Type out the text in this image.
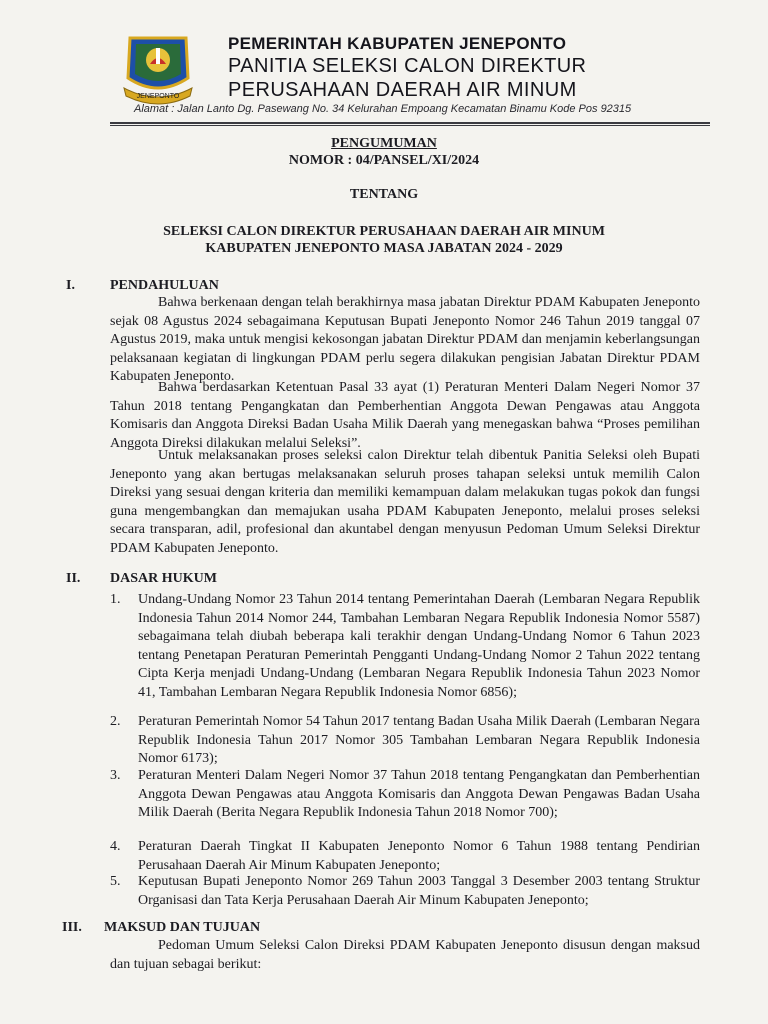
JENEPONTO
PEMERINTAH KABUPATEN JENEPONTO
PANITIA SELEKSI CALON DIREKTUR
PERUSAHAAN DAERAH AIR MINUM
Alamat : Jalan Lanto Dg. Pasewang No. 34 Kelurahan Empoang Kecamatan Binamu Kode Pos 92315
PENGUMUMAN
NOMOR : 04/PANSEL/XI/2024
TENTANG
SELEKSI CALON DIREKTUR PERUSAHAAN DAERAH AIR MINUM
KABUPATEN JENEPONTO MASA JABATAN 2024 - 2029
I.	PENDAHULUAN

Bahwa berkenaan dengan telah berakhirnya masa jabatan Direktur PDAM Kabupaten Jeneponto sejak 08 Agustus 2024 sebagaimana Keputusan Bupati Jeneponto Nomor 246 Tahun 2019 tanggal 07 Agustus 2019, maka untuk mengisi kekosongan jabatan Direktur PDAM dan menjamin keberlangsungan pelaksanaan kegiatan di lingkungan PDAM perlu segera dilakukan pengisian Jabatan Direktur PDAM Kabupaten Jeneponto.

Bahwa berdasarkan Ketentuan Pasal 33 ayat (1) Peraturan Menteri Dalam Negeri Nomor 37 Tahun 2018 tentang Pengangkatan dan Pemberhentian Anggota Dewan Pengawas atau Anggota Komisaris dan Anggota Direksi Badan Usaha Milik Daerah yang menegaskan bahwa “Proses pemilihan Anggota Direksi dilakukan melalui Seleksi”.

Untuk melaksanakan proses seleksi calon Direktur telah dibentuk Panitia Seleksi oleh Bupati Jeneponto yang akan bertugas melaksanakan seluruh proses tahapan seleksi untuk memilih Calon Direksi yang sesuai dengan kriteria dan memiliki kemampuan dalam melakukan tugas pokok dan fungsi guna mengembangkan dan memajukan usaha PDAM Kabupaten Jeneponto, melalui proses seleksi secara transparan, adil, profesional dan akuntabel dengan menyusun Pedoman Umum Seleksi Direktur PDAM Kabupaten Jeneponto.

II. DASAR HUKUM
1.	Undang-Undang Nomor 23 Tahun 2014 tentang Pemerintahan Daerah (Lembaran Negara Republik Indonesia Tahun 2014 Nomor 244, Tambahan Lembaran Negara Republik Indonesia Nomor 5587) sebagaimana telah diubah beberapa kali terakhir dengan Undang-Undang Nomor 6 Tahun 2023 tentang Penetapan Peraturan Pemerintah Pengganti Undang-Undang Nomor 2 Tahun 2022 tentang Cipta Kerja menjadi Undang-Undang (Lembaran Negara Republik Indonesia Tahun 2023 Nomor 41, Tambahan Lembaran Negara Republik Indonesia Nomor 6856);
2.	Peraturan Pemerintah Nomor 54 Tahun 2017 tentang Badan Usaha Milik Daerah (Lembaran Negara Republik Indonesia Tahun 2017 Nomor 305 Tambahan Lembaran Negara Republik Indonesia Nomor 6173);
3.	Peraturan Menteri Dalam Negeri Nomor 37 Tahun 2018 tentang Pengangkatan dan Pemberhentian Anggota Dewan Pengawas atau Anggota Komisaris dan Anggota Dewan Pengawas Badan Usaha Milik Daerah (Berita Negara Republik Indonesia Tahun 2018 Nomor 700);
4.	Peraturan Daerah Tingkat II Kabupaten Jeneponto Nomor 6 Tahun 1988 tentang Pendirian Perusahaan Daerah Air Minum Kabupaten Jeneponto;
5.	Keputusan Bupati Jeneponto Nomor 269 Tahun 2003 Tanggal 3 Desember 2003 tentang Struktur Organisasi dan Tata Kerja Perusahaan Daerah Air Minum Kabupaten Jeneponto;
III. MAKSUD DAN TUJUAN

Pedoman Umum Seleksi Calon Direksi PDAM Kabupaten Jeneponto disusun dengan maksud dan tujuan sebagai berikut:
